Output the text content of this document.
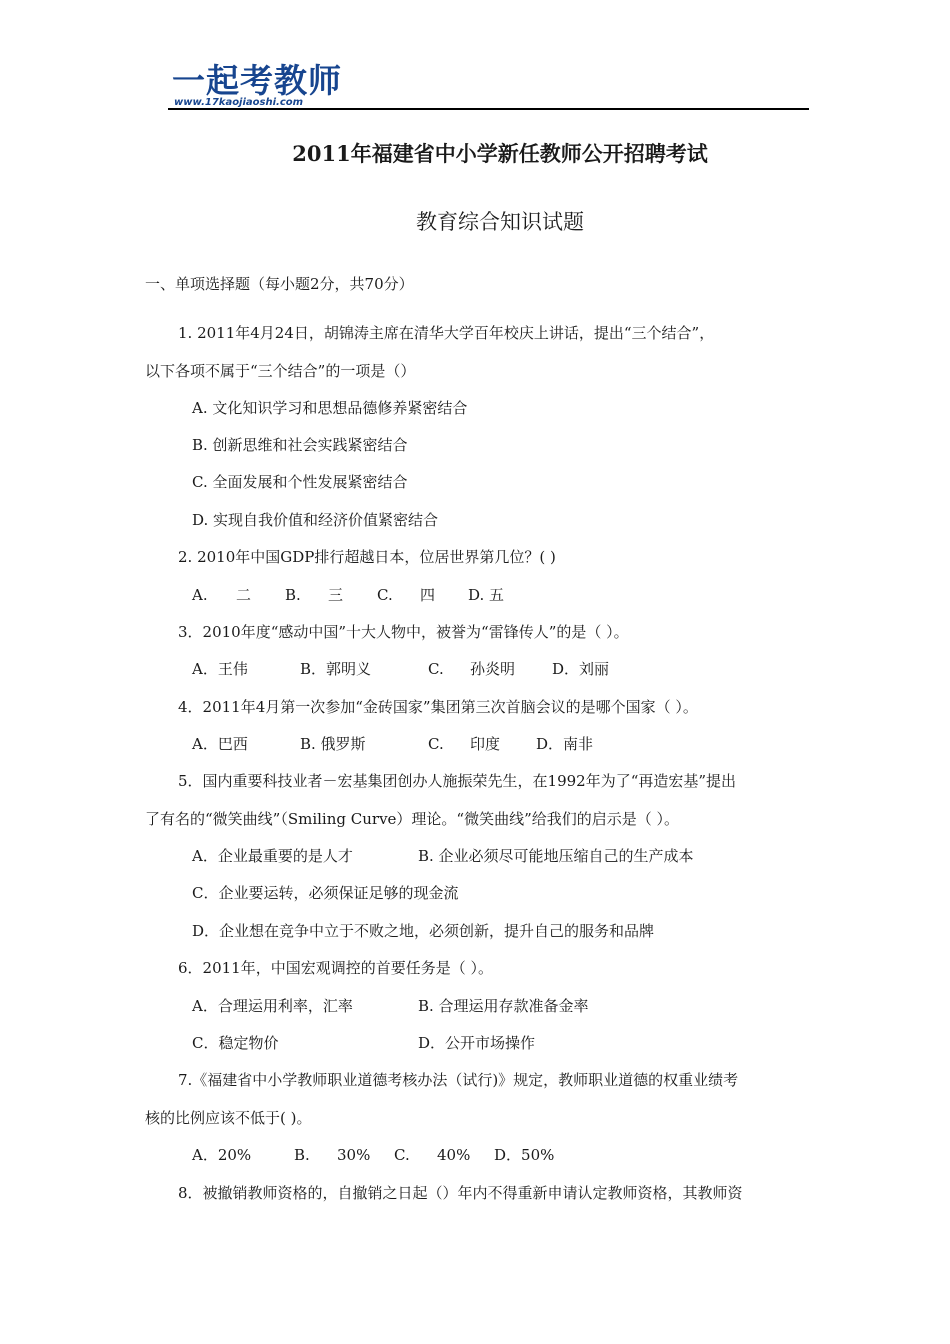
一起考教师
www.17kaojiaoshi.com
2011年福建省中小学新任教师公开招聘考试
教育综合知识试题
一、单项选择题（每小题2分，共70分）
1. 2011年4月24日，胡锦涛主席在清华大学百年校庆上讲话，提出“三个结合”，
以下各项不属于“三个结合”的一项是（）
A. 文化知识学习和思想品德修养紧密结合
B. 创新思维和社会实践紧密结合
C. 全面发展和个性发展紧密结合
D. 实现自我价值和经济价值紧密结合
2. 2010年中国GDP排行超越日本，位居世界第几位？( )
A. 二 B. 三 C. 四 D. 五
3．2010年度“感动中国”十大人物中，被誉为“雷锋传人”的是（ ）。
A．王伟	B．郭明义	C. 孙炎明 D．刘丽
4．2011年4月第一次参加“金砖国家”集团第三次首脑会议的是哪个国家（ ）。
A．巴西	B. 俄罗斯	C. 印度 D．南非
5．国内重要科技业者－宏基集团创办人施振荣先生，在1992年为了“再造宏基”提出
了有名的“微笑曲线”（Smiling Curve）理论。“微笑曲线”给我们的启示是（ ）。
A．企业最重要的是人才	B. 企业必须尽可能地压缩自己的生产成本
C．企业要运转，必须保证足够的现金流
D．企业想在竞争中立于不败之地，必须创新，提升自己的服务和品牌
6．2011年，中国宏观调控的首要任务是（ ）。
A．合理运用利率，汇率	B. 合理运用存款准备金率
C．稳定物价	D．公开市场操作
7.《福建省中小学教师职业道德考核办法（试行)》规定，教师职业道德的权重业绩考
核的比例应该不低于( )。
A．20%	B. 30% C. 40% D．50%
8．被撤销教师资格的，自撤销之日起（）年内不得重新申请认定教师资格，其教师资
